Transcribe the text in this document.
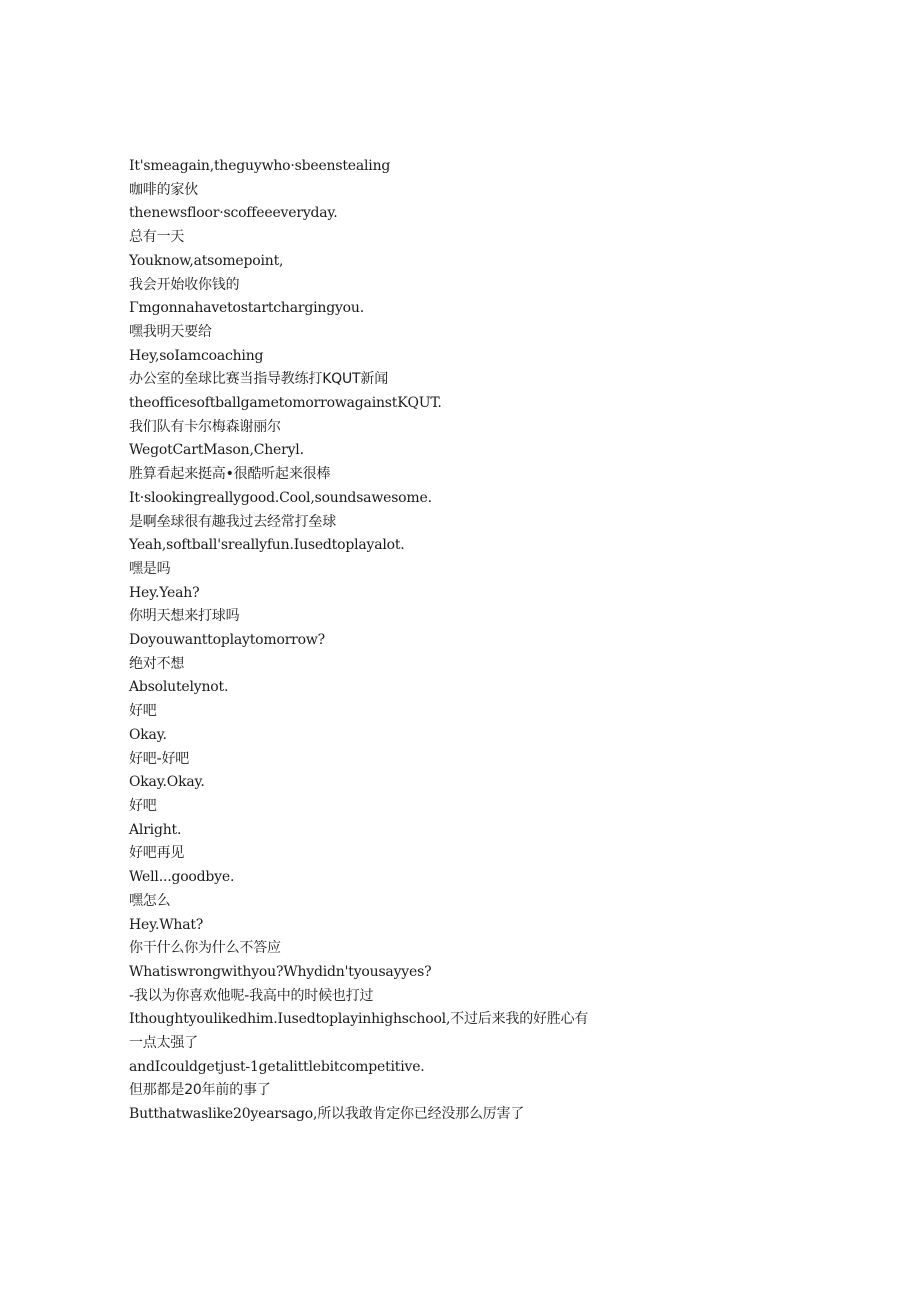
It'smeagain,theguywho·sbeenstealing
咖啡的家伙
thenewsfloor·scoffeeeveryday.
总有一天
Youknow,atsomepoint,
我会开始收你钱的
Γmgonnahavetostartchargingyou.
嘿我明天要给
Hey,soIamcoaching
办公室的垒球比赛当指导教练打KQUT新闻
theofficesoftballgametomorrowagainstKQUT.
我们队有卡尔梅森谢丽尔
WegotCartMason,Cheryl.
胜算看起来挺高•很酷听起来很棒
It·slookingreallygood.Cool,soundsawesome.
是啊垒球很有趣我过去经常打垒球
Yeah,softball'sreallyfun.Iusedtoplayalot.
嘿是吗
Hey.Yeah?
你明天想来打球吗
Doyouwanttoplaytomorrow?
绝对不想
Absolutelynot.
好吧
Okay.
好吧-好吧
Okay.Okay.
好吧
Alright.
好吧再见
Well...goodbye.
嘿怎么
Hey.What?
你干什么你为什么不答应
Whatiswrongwithyou?Whydidn'tyousayyes?
-我以为你喜欢他呢-我高中的时候也打过
Ithoughtyoulikedhim.Iusedtoplayinhighschool,不过后来我的好胜心有
一点太强了
andIcouldgetjust-1getalittlebitcompetitive.
但那都是20年前的事了
Butthatwaslike20yearsago,所以我敢肯定你已经没那么厉害了
